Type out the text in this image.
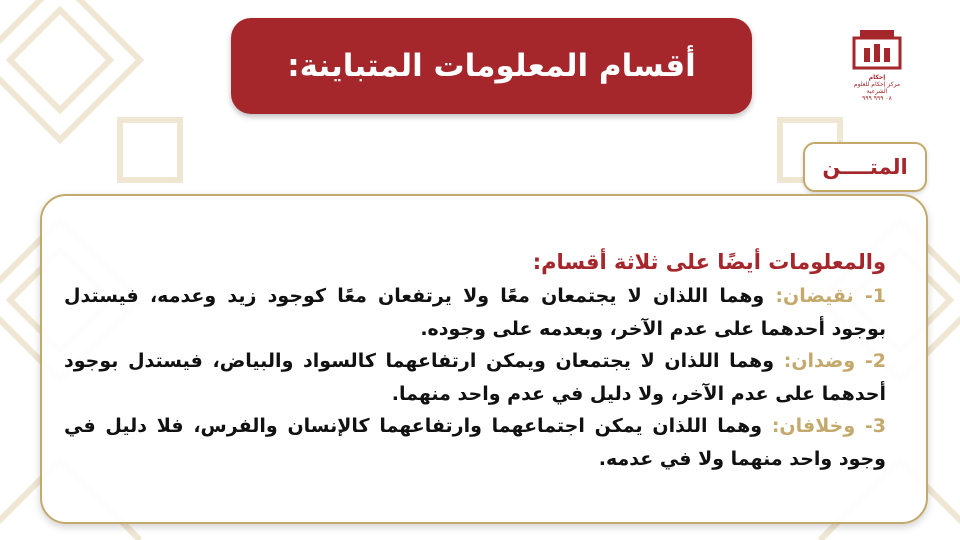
أقسام المعلومات المتباينة:	إحكام
مركز إحكام للعلوم الشرعية
٠٨ ٩٩٩ ٩٩٩
المتــــن
والمعلومات أيضًا على ثلاثة أقسام:
1- نقيضان: وهما اللذان لا يجتمعان معًا ولا يرتفعان معًا كوجود زيد وعدمه، فيستدل بوجود أحدهما على عدم الآخر، وبعدمه على وجوده.
2- وضدان: وهما اللذان لا يجتمعان ويمكن ارتفاعهما كالسواد والبياض، فيستدل بوجود أحدهما على عدم الآخر، ولا دليل في عدم واحد منهما.
3- وخلافان: وهما اللذان يمكن اجتماعهما وارتفاعهما كالإنسان والفرس، فلا دليل في وجود واحد منهما ولا في عدمه.
